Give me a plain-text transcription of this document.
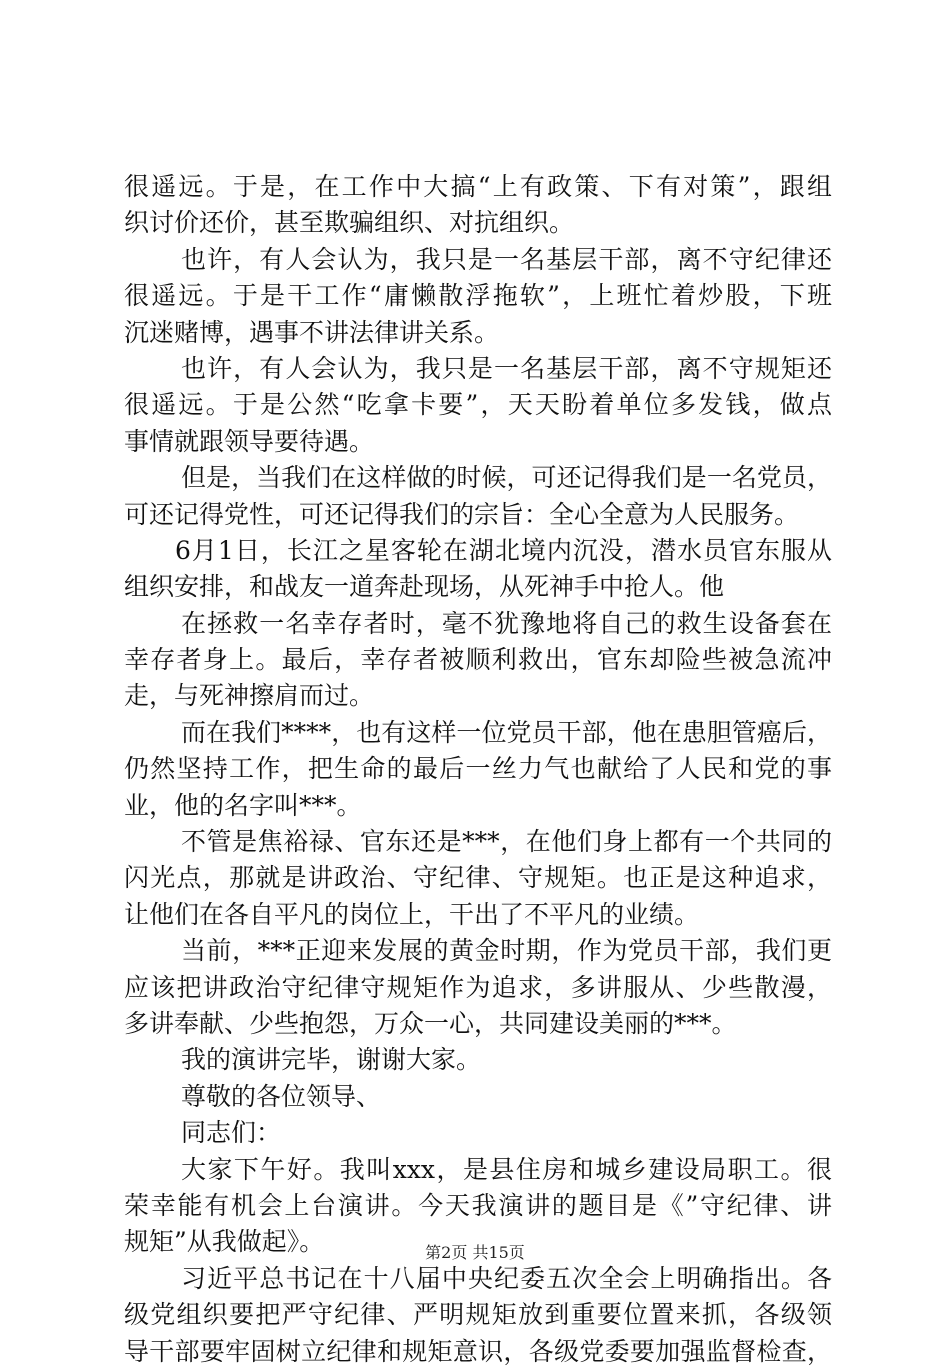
很遥远。于是，在工作中大搞“上有政策、下有对策”，跟组
织讨价还价，甚至欺骗组织、对抗组织。
也许，有人会认为，我只是一名基层干部，离不守纪律还
很遥远。于是干工作“庸懒散浮拖软”，上班忙着炒股，下班
沉迷赌博，遇事不讲法律讲关系。
也许，有人会认为，我只是一名基层干部，离不守规矩还
很遥远。于是公然“吃拿卡要”，天天盼着单位多发钱，做点
事情就跟领导要待遇。
但是，当我们在这样做的时候，可还记得我们是一名党员，
可还记得党性，可还记得我们的宗旨：全心全意为人民服务。
6月1日，长江之星客轮在湖北境内沉没，潜水员官东服从
组织安排，和战友一道奔赴现场，从死神手中抢人。他
在拯救一名幸存者时，毫不犹豫地将自己的救生设备套在
幸存者身上。最后，幸存者被顺利救出，官东却险些被急流冲
走，与死神擦肩而过。
而在我们****，也有这样一位党员干部，他在患胆管癌后，
仍然坚持工作，把生命的最后一丝力气也献给了人民和党的事
业，他的名字叫***。
不管是焦裕禄、官东还是***，在他们身上都有一个共同的
闪光点，那就是讲政治、守纪律、守规矩。也正是这种追求，
让他们在各自平凡的岗位上，干出了不平凡的业绩。
当前，***正迎来发展的黄金时期，作为党员干部，我们更
应该把讲政治守纪律守规矩作为追求，多讲服从、少些散漫，
多讲奉献、少些抱怨，万众一心，共同建设美丽的***。
我的演讲完毕，谢谢大家。
尊敬的各位领导、
同志们：
大家下午好。我叫xxx，是县住房和城乡建设局职工。很
荣幸能有机会上台演讲。今天我演讲的题目是《”守纪律、讲
规矩”从我做起》。
习近平总书记在十八届中央纪委五次全会上明确指出。各
级党组织要把严守纪律、严明规矩放到重要位置来抓，各级领
导干部要牢固树立纪律和规矩意识，各级党委要加强监督检查，
第2页 共15页
